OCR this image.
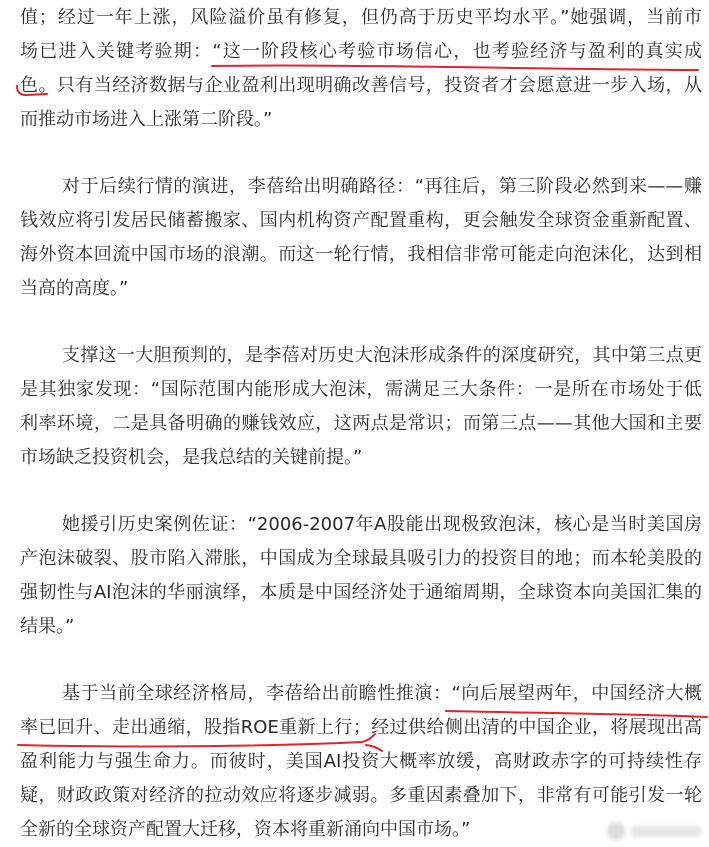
值；经过一年上涨，风险溢价虽有修复，但仍高于历史平均水平。”她强调，当前市
场已进入关键考验期：“这一阶段核心考验市场信心，也考验经济与盈利的真实成
色。只有当经济数据与企业盈利出现明确改善信号，投资者才会愿意进一步入场，从
而推动市场进入上涨第二阶段。”
对于后续行情的演进，李蓓给出明确路径：“再往后，第三阶段必然到来——赚
钱效应将引发居民储蓄搬家、国内机构资产配置重构，更会触发全球资金重新配置、
海外资本回流中国市场的浪潮。而这一轮行情，我相信非常可能走向泡沫化，达到相
当高的高度。”
支撑这一大胆预判的，是李蓓对历史大泡沫形成条件的深度研究，其中第三点更
是其独家发现：“国际范围内能形成大泡沫，需满足三大条件：一是所在市场处于低
利率环境，二是具备明确的赚钱效应，这两点是常识；而第三点——其他大国和主要
市场缺乏投资机会，是我总结的关键前提。”
她援引历史案例佐证：“2006-2007年A股能出现极致泡沫，核心是当时美国房
产泡沫破裂、股市陷入滞胀，中国成为全球最具吸引力的投资目的地；而本轮美股的
强韧性与AI泡沫的华丽演绎，本质是中国经济处于通缩周期，全球资本向美国汇集的
结果。”
基于当前全球经济格局，李蓓给出前瞻性推演：“向后展望两年，中国经济大概
率已回升、走出通缩，股指ROE重新上行；经过供给侧出清的中国企业，将展现出高
盈利能力与强生命力。而彼时，美国AI投资大概率放缓，高财政赤字的可持续性存
疑，财政政策对经济的拉动效应将逐步减弱。多重因素叠加下，非常有可能引发一轮
全新的全球资产配置大迁移，资本将重新涌向中国市场。”
